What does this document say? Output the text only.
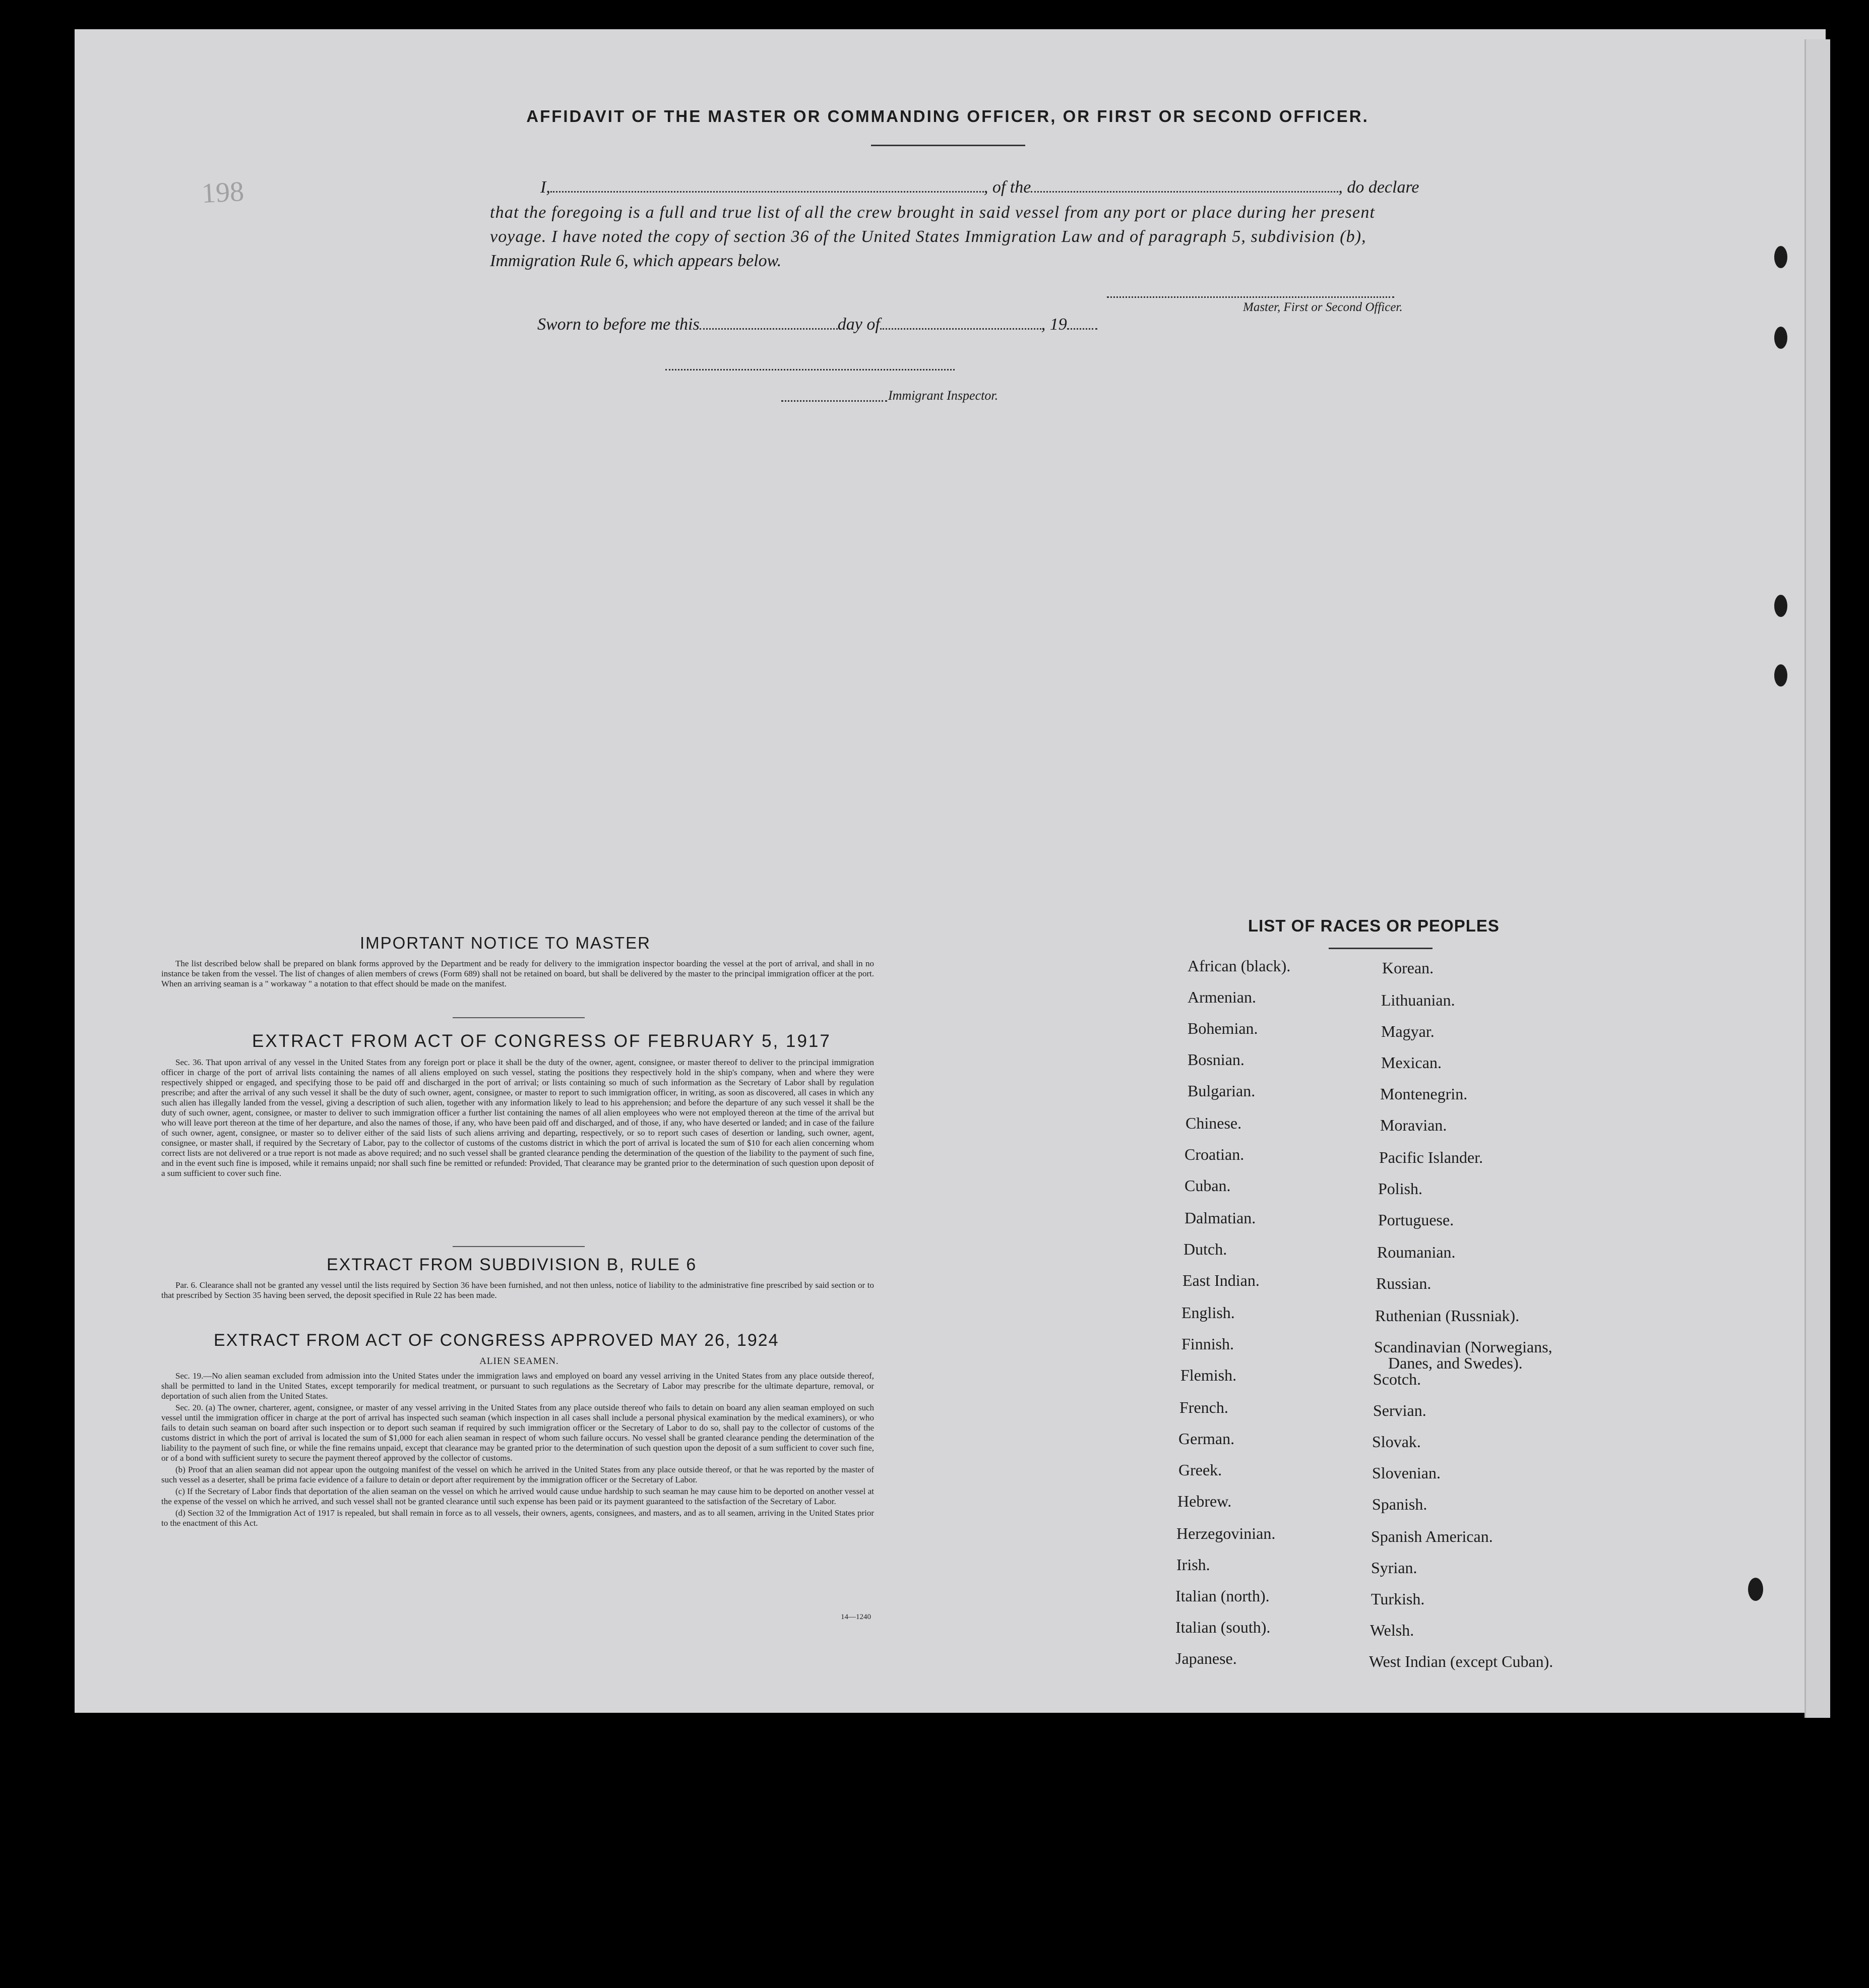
198
AFFIDAVIT OF THE MASTER OR COMMANDING OFFICER, OR FIRST OR SECOND OFFICER.
I,	, of the	, do declare
that the foregoing is a full and true list of all the crew brought in said vessel from any port or place during her present
voyage. I have noted the copy of section 36 of the United States Immigration Law and of paragraph 5, subdivision (b),
Immigration Rule 6, which appears below.
Master, First or Second Officer.
Sworn to before me this	day of	, 19
Immigrant Inspector.
IMPORTANT NOTICE TO MASTER

The list described below shall be prepared on blank forms approved by the Department and be ready for delivery to the immigration inspector boarding the vessel at the port of arrival, and shall in no instance be taken from the vessel. The list of changes of alien members of crews (Form 689) shall not be retained on board, but shall be delivered by the master to the principal immigration officer at the port. When an arriving seaman is a " workaway " a notation to that effect should be made on the manifest.

EXTRACT FROM ACT OF CONGRESS OF FEBRUARY 5, 1917

Sec. 36. That upon arrival of any vessel in the United States from any foreign port or place it shall be the duty of the owner, agent, consignee, or master thereof to deliver to the principal immigration officer in charge of the port of arrival lists containing the names of all aliens employed on such vessel, stating the positions they respectively hold in the ship's company, when and where they were respectively shipped or engaged, and specifying those to be paid off and discharged in the port of arrival; or lists containing so much of such information as the Secretary of Labor shall by regulation prescribe; and after the arrival of any such vessel it shall be the duty of such owner, agent, consignee, or master to report to such immigration officer, in writing, as soon as discovered, all cases in which any such alien has illegally landed from the vessel, giving a description of such alien, together with any information likely to lead to his apprehension; and before the departure of any such vessel it shall be the duty of such owner, agent, consignee, or master to deliver to such immigration officer a further list containing the names of all alien employees who were not employed thereon at the time of the arrival but who will leave port thereon at the time of her departure, and also the names of those, if any, who have been paid off and discharged, and of those, if any, who have deserted or landed; and in case of the failure of such owner, agent, consignee, or master so to deliver either of the said lists of such aliens arriving and departing, respectively, or so to report such cases of desertion or landing, such owner, agent, consignee, or master shall, if required by the Secretary of Labor, pay to the collector of customs of the customs district in which the port of arrival is located the sum of $10 for each alien concerning whom correct lists are not delivered or a true report is not made as above required; and no such vessel shall be granted clearance pending the determination of the question of the liability to the payment of such fine, and in the event such fine is imposed, while it remains unpaid; nor shall such fine be remitted or refunded: Provided, That clearance may be granted prior to the determination of such question upon deposit of a sum sufficient to cover such fine.

EXTRACT FROM SUBDIVISION B, RULE 6

Par. 6. Clearance shall not be granted any vessel until the lists required by Section 36 have been furnished, and not then unless, notice of liability to the administrative fine prescribed by said section or to that prescribed by Section 35 having been served, the deposit specified in Rule 22 has been made.

EXTRACT FROM ACT OF CONGRESS APPROVED MAY 26, 1924
ALIEN SEAMEN.

Sec. 19.—No alien seaman excluded from admission into the United States under the immigration laws and employed on board any vessel arriving in the United States from any place outside thereof, shall be permitted to land in the United States, except temporarily for medical treatment, or pursuant to such regulations as the Secretary of Labor may prescribe for the ultimate departure, removal, or deportation of such alien from the United States.

Sec. 20. (a) The owner, charterer, agent, consignee, or master of any vessel arriving in the United States from any place outside thereof who fails to detain on board any alien seaman employed on such vessel until the immigration officer in charge at the port of arrival has inspected such seaman (which inspection in all cases shall include a personal physical examination by the medical examiners), or who fails to detain such seaman on board after such inspection or to deport such seaman if required by such immigration officer or the Secretary of Labor to do so, shall pay to the collector of customs of the customs district in which the port of arrival is located the sum of $1,000 for each alien seaman in respect of whom such failure occurs. No vessel shall be granted clearance pending the determination of the liability to the payment of such fine, or while the fine remains unpaid, except that clearance may be granted prior to the determination of such question upon the deposit of a sum sufficient to cover such fine, or of a bond with sufficient surety to secure the payment thereof approved by the collector of customs.

(b) Proof that an alien seaman did not appear upon the outgoing manifest of the vessel on which he arrived in the United States from any place outside thereof, or that he was reported by the master of such vessel as a deserter, shall be prima facie evidence of a failure to detain or deport after requirement by the immigration officer or the Secretary of Labor.

(c) If the Secretary of Labor finds that deportation of the alien seaman on the vessel on which he arrived would cause undue hardship to such seaman he may cause him to be deported on another vessel at the expense of the vessel on which he arrived, and such vessel shall not be granted clearance until such expense has been paid or its payment guaranteed to the satisfaction of the Secretary of Labor.

(d) Section 32 of the Immigration Act of 1917 is repealed, but shall remain in force as to all vessels, their owners, agents, consignees, and masters, and as to all seamen, arriving in the United States prior to the enactment of this Act.

14—1240
LIST OF RACES OR PEOPLES
African (black).
Armenian.
Bohemian.
Bosnian.
Bulgarian.
Chinese.
Croatian.
Cuban.
Dalmatian.
Dutch.
East Indian.
English.
Finnish.
Flemish.
French.
German.
Greek.
Hebrew.
Herzegovinian.
Irish.
Italian (north).
Italian (south).
Japanese.
Korean.
Lithuanian.
Magyar.
Mexican.
Montenegrin.
Moravian.
Pacific Islander.
Polish.
Portuguese.
Roumanian.
Russian.
Ruthenian (Russniak).
Scandinavian (Norwegians,
Danes, and Swedes).
Scotch.
Servian.
Slovak.
Slovenian.
Spanish.
Spanish American.
Syrian.
Turkish.
Welsh.
West Indian (except Cuban).
